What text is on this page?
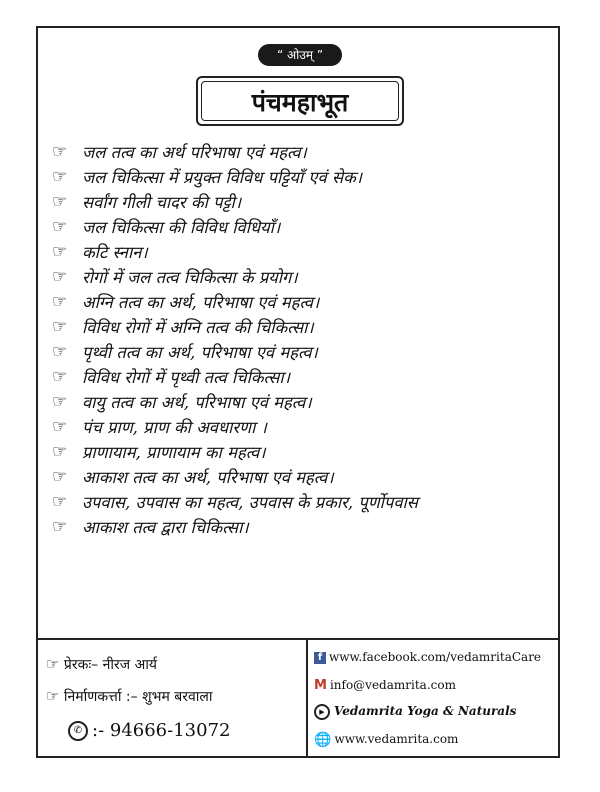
“ ओउम् ”
पंचमहाभूत
☞ जल तत्व का अर्थ परिभाषा एवं महत्व।
☞ जल चिकित्सा में प्रयुक्त विविध पट्टियाँ एवं सेक।
☞ सर्वांग गीली चादर की पट्टी।
☞ जल चिकित्सा की विविध विधियाँ।
☞ कटि स्नान।
☞ रोगों में जल तत्व चिकित्सा के प्रयोग।
☞ अग्नि तत्व का अर्थ, परिभाषा एवं महत्व।
☞ विविध रोगों में अग्नि तत्व की चिकित्सा।
☞ पृथ्वी तत्व का अर्थ, परिभाषा एवं महत्व।
☞ विविध रोगों में पृथ्वी तत्व चिकित्सा।
☞ वायु तत्व का अर्थ, परिभाषा एवं महत्व।
☞ पंच प्राण, प्राण की अवधारणा ।
☞ प्राणायाम, प्राणायाम का महत्व।
☞ आकाश तत्व का अर्थ, परिभाषा एवं महत्व।
☞ उपवास, उपवास का महत्व, उपवास के प्रकार, पूर्णोपवास
☞ आकाश तत्व द्वारा चिकित्सा।
☞ प्रेरकः– नीरज आर्य
☞ निर्माणकर्त्ता :– शुभम बरवाला
✆ :- 94666-13072
f www.facebook.com/vedamritaCare
M info@vedamrita.com
▶ Vedamrita Yoga & Naturals
🌐 www.vedamrita.com
